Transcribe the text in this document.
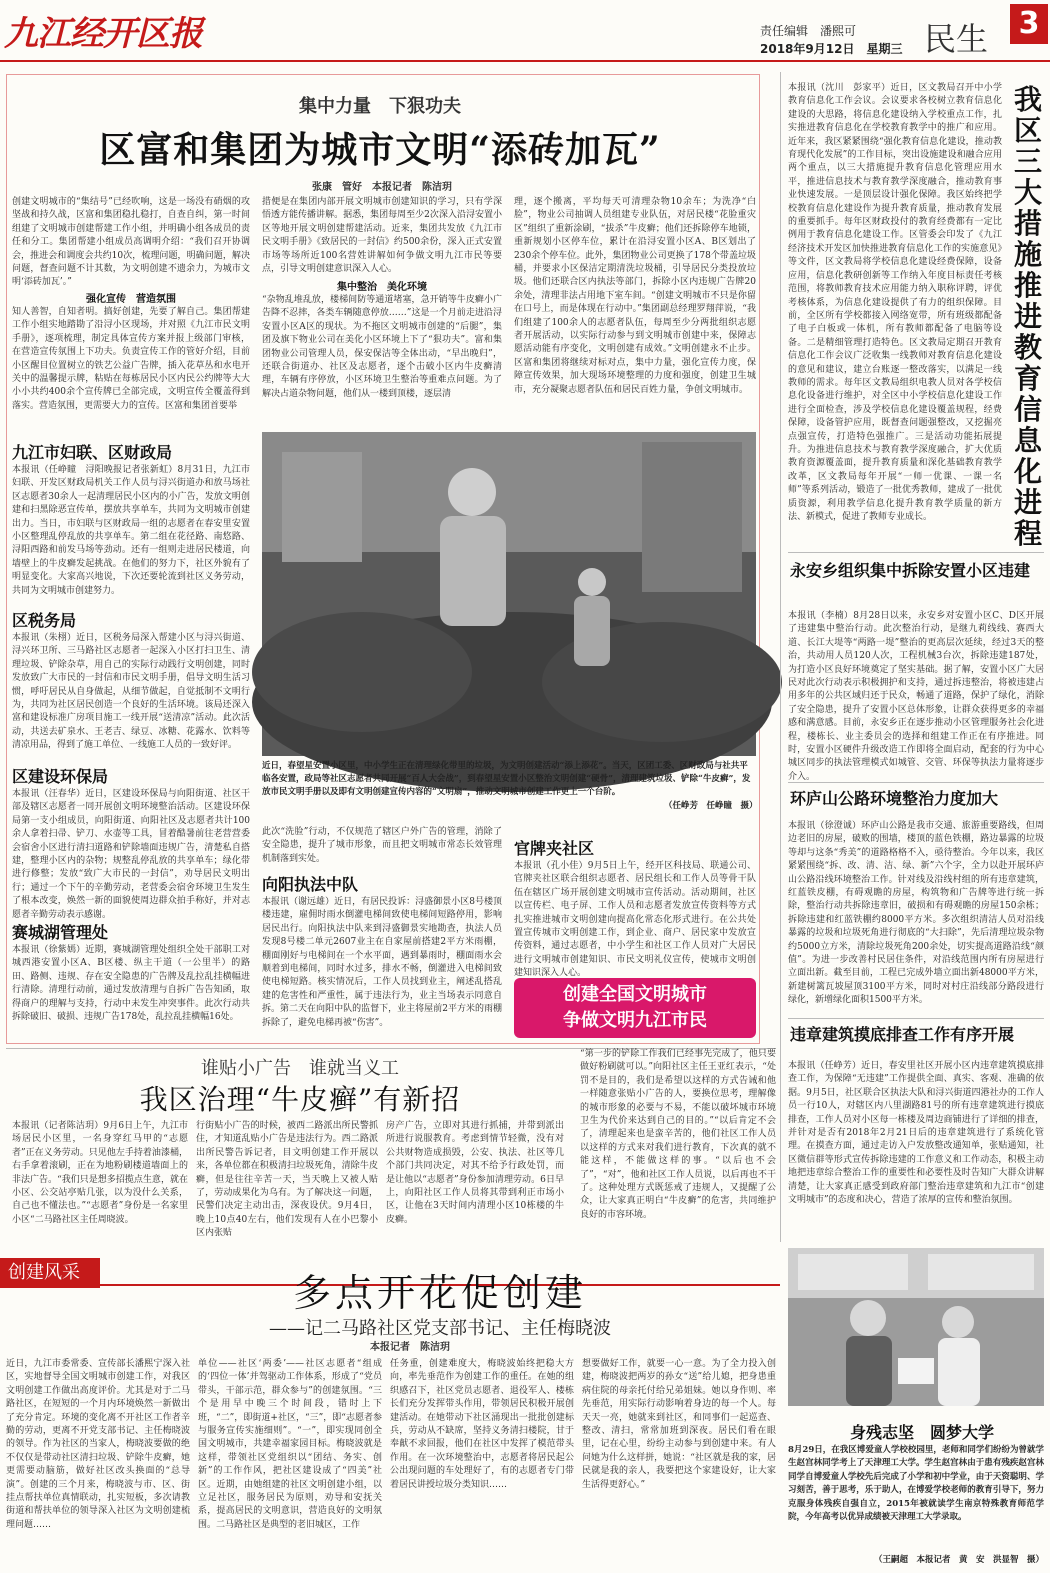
九江经开区报	责任编辑　潘熙可
2018年9月12日　星期三 民生 3
集中力量　下狠功夫
区富和集团为城市文明“添砖加瓦”
张康　管好　本报记者　陈洁玥
创建文明城市的“集结号”已经吹响，这是一场没有硝烟的攻坚战和持久战，区富和集团稳扎稳打，自查自纠，第一时间组建了文明城市创建帮建工作小组，并明确小组各成员的责任和分工。集团帮建小组成员高调明介绍：“我们召开协调会，推进会和调度会共约10次，梳理问题，明确问题，解决问题，督查问题不计其数，为文明创建不遗余力，为城市文明‘添砖加瓦’。”
强化宣传　营造氛围
知人善智，自知者明。搞好创建，先要了解自己。集团帮建工作小组实地踏勘了沿浔小区现场，并对照《九江市民文明手册》，逐项梳理，制定具体宣传方案并报上级部门审核，在营造宣传氛围上下功夫。负责宣传工作的管好介绍，目前小区醒目位置树立的铁艺公益广告牌，插入花草丛和水电开关中的温馨提示牌，粘贴在每栋居民小区内民公约牌等大大小小共约400余个宣传牌已全部完成，文明宣传全覆盖得到落实。营造氛围，更需要大力的宣传。区富和集团首要举
措便是在集团内部开展文明城市创建知识的学习，只有学深悟透方能传播讲解。据悉，集团每周至少2次深入沿浔安置小区等地开展文明创建帮建活动。近来，集团共发放《九江市民文明手册》《致居民的一封信》约500余份，深入正式安置市场等场所近100名营姓讲解如何争做文明九江市民等要点，引导文明创建意识深入人心。
集中整治　美化环境
“杂物乱堆乱放，楼梯间防等通道堵塞，急开销等牛皮癣小广告降不忍摔，各类车辆随意停放……”这是一个月前走进沿浔安置小区A区的现状。为不拖区文明城市创建的“后腿”，集团及旗下物业公司在美化小区环境上下了“狠功夫”。富和集团物业公司管理人员，保安保洁等全体出动，“早出晚归”，还联合街道办、社区及志愿者，逐个击破小区内牛皮癣清理，车辆有序停放，小区环境卫生整治等重难点问题。为了解决占道杂物问题，他们从一楼到顶楼，逐层清
理，逐个搬离，平均每天可清理杂物10余车；为洗净“白脸”，物业公司抽调人员组建专业队伍，对居民楼“花脸重灾区”组织了重新涂刷，“拔杀”牛皮癣；他们还拆除停车地锁，重新规划小区停车位，累计在沿浔安置小区A、B区划出了230余个停车位。此外，集团物业公司更换了178个带盖垃圾桶，并要求小区保洁定期清洗垃圾桶，引导居民分类投放垃圾。他们还联合区内执法等部门，拆除小区内违规广告牌20余处，清理非法占用地下室车间。“创建文明城市不只是你留在口号上，而是体现在行动中。”集团副总经理罗翔萍说，“我们组建了100余人的志愿者队伍，每周至少分两批组织志愿者开展活动，以实际行动参与到文明城市创建中来，保障志愿活动能有序变化，文明创建有成效。”文明创建永不止步。区富和集团将继续对标对点，集中力量，强化宣传力度，保障宣传效果，加大现场环境整理的力度和强度，创建卫生城市，充分凝聚志愿者队伍和居民百姓力量，争创文明城市。
近日，春望星安置小区里，中小学生正在清理绿化带里的垃圾，为文明创建活动“添上添花”。当天，区团工委、区财政局与社共平临各安置，政局等社区志愿者共同开展“百人大会战”，到春望星安置小区整治文明创建“硬骨”，清理建筑垃圾、铲除“牛皮癣”，发放市民文明手册以及即有文明创建宣传内容的“文明扇”，推动文明城市创建工作更上一个台阶。
（任峥芳　任峥瞳　摄）
九江市妇联、区财政局
本报讯（任峥瞳　浔阳晚报记者张新虹）8月31日，九江市妇联、开发区财政局机关工作人员与浔兴街道办和放马场社区志愿者30余人一起清理居民小区内的小广告，发放文明创建和扫黑除恶宣传单，摆放共享单车，共同为文明城市创建出力。当日，市妇联与区财政局一组的志愿者在春安里安置小区整理乱停乱放的共享单车。第二组在花径路、南悠路、浔阳西路和前发马场等劲动。还有一组则走进居民楼道，向墙壁上的牛皮癣发起挑战。在他们的努力下，社区外貌有了明显变化。大家高兴地说，下次还要轮流到社区义务劳动，共同为文明城市创建努力。
区税务局
本报讯（朱栩）近日，区税务局深入帮建小区与浔兴街道、浔兴环卫所、三马路社区志愿者一起深入小区打扫卫生、清理垃圾、铲除杂草，用自己的实际行动践行文明创建，同时发放致广大市民的一封信和市民文明手册，倡导文明生活习惯，呼吁居民从自身做起，从细节做起，自觉抵制不文明行为，共同为社区居民创造一个良好的生活环境。该局还深入富和建设标准广房项目施工一线开展“送清凉”活动。此次活动，共送去矿泉水、王老吉、绿豆、冰糖、花露水、饮料等清凉用品，得到了施工单位、一线施工人员的一致好评。
区建设环保局
本报讯（汪春华）近日，区建设环保局与向阳街道、社区干部及辖区志愿者一同开展创文明环境整治活动。区建设环保局第一支小组成员，向阳街道、向阳社区及志愿者共计100余人拿着扫帚、铲刀、水壶等工具，冒着酷暑前往老营营委会宿舍小区进行清扫道路和铲除墙面违规广告，清楚私自搭建，整理小区内的杂物；规整乱停乱放的共享单车；绿化带进行修整；发放“致广大市民的一封信”，劝导居民文明出行；通过一个下午的辛勤劳动，老营委会宿舍环境卫生发生了根本改变，焕然一新的面貌使周边群众拍手称好，并对志愿者辛勤劳动表示感谢。
赛城湖管理处
本报讯（徐紫嫣）近期，赛城湖管理处组织全处干部职工对城西港安置小区A、B区楼、纵主干道（一公里半）的路田、路侧、违规、存在安全隐患的广告牌及乱拉乱挂横幅进行清除。清理行动前，通过发放清理与自拆广告告知函，取得商户的理解与支持，行动中未发生冲突事件。此次行动共拆除破旧、破损、违规广告178处，乱拉乱挂横幅16处。
此次“洗脸”行动，不仅规范了辖区户外广告的管理，消除了安全隐患，提升了城市形象，而且把文明城市常态长效管理机制落到实处。
向阳执法中队
本报讯（谢远雄）近日，有居民投诉：浔盛御景小区8号楼顶楼违建，雇佣时雨水倒灌电梯间致使电梯间短路停用，影响居民出行。向阳执法中队来到浔盛御景实地勘查，执法人员发现8号楼二单元2607业主在自家屋前搭建2平方米雨棚，棚面刚好与电梯间在一个水平面，遇到暴雨时，棚面雨水会顺着到电梯间，同时水过多，排水不畅，倒灌进入电梯间致使电梯短路。核实情况后，工作人员找到业主，阐述乱搭乱建的危害性和严重性，属于违法行为，业主当场表示同意自拆。第二天在向阳中队的监督下，业主将屋前2平方米的雨棚拆除了，避免电梯再被“伤害”。
官牌夹社区
本报讯（孔小佳）9月5日上午，经开区科技局、联通公司、官牌夹社区联合组织志愿者、居民组长和工作人员等骨干队伍在辖区广场开展创建文明城市宣传活动。活动期间，社区以宣传栏、电子屏、工作人员和志愿者发放宣传资料等方式扎实推进城市文明创建向提高化常态化形式进行。在公共处置宣传城市文明创建工作，到企业、商户、居民家中发放宣传资料，通过志愿者，中小学生和社区工作人员对广大居民进行文明城市创建知识、市民文明礼仪宣传，使城市文明创建知识深入人心。
创建全国文明城市
争做文明九江市民
我区三大措施推进教育信息化进程
本报讯（沈川　彭家平）近日，区文教局召开中小学教育信息化工作会议。会议要求各校树立教育信息化建设的大思路，将信息化建设纳入学校重点工作，扎实推进教育信息化在学校教育教学中的推广和应用。近年来，我区紧紧围绕“强化教育信息化建设，推动教育现代化发展”的工作目标，突出设施建设和融合应用两个重点，以三大措施提升教育信息化管理应用水平，推进信息技术与教育教学深度融合，推动教育事业快速发展。一是顶层设计强化保障。我区始终把学校教育信息化建设作为提升教育质量，推动教育发展的重要抓手。每年区财政投付的教育经费都有一定比例用于教育信息化建设工作。区管委会印发了《九江经济技术开发区加快推进教育信息化工作的实施意见》等文件，区文教局将学校信息化建设经费保障，设备应用，信息化教研创新等工作纳入年度目标责任考核范围，将教师教育技术应用能力纳入职称评聘，评优考核体系，为信息化建设提供了有力的组织保障。目前，全区所有学校都接入网络宽带，所有班级都配备了电子白板或一体机，所有教师都配备了电脑等设备。二是精细管理打造特色。区文教局定期召开教育信息化工作会议广泛收集一线教师对教育信息化建设的意见和建议，建立台账逐一整改落实，以满足一线教师的需求。每年区文教局组织电教人员对各学校信息化设备进行维护，对全区中小学校信息化建设工作进行全面检查，涉及学校信息化建设覆盖规程，经费保障，设备管护应用，既督查问题强整改，又挖掘亮点强宣传，打造特色强推广。三是活动功能拓展提升。为推进信息技术与教育教学深度融合，扩大优质教育资源覆盖面，提升教育质量和深化基础教育教学改革，区文教局每年开展“一师一优课、一课一名师”等系列活动，锻造了一批优秀教师，建成了一批优质资源，利用教学信息化提升教育教学质量的新方法、新模式，促进了教师专业成长。
永安乡组织集中拆除安置小区违建
本报讯（李楠）8月28日以来，永安乡对安置小区C、D区开展了违建集中整治行动。此次整治行动，是继九莉线线、赛西大道、长江大堤等“两路一堤”整治的更高层次延续，经过3天的整治，共动用人员120人次，工程机械3台次，拆除违建187处，为打造小区良好环境奠定了坚实基础。据了解，安置小区广大居民对此次行动表示积极拥护和支持，通过拆违整治，将被违建占用多年的公共区域归还于民众，畅通了道路，保护了绿化，消除了安全隐患，提升了安置小区总体形象，让群众获得更多的幸福感和满意感。目前，永安乡正在逐步推动小区管理服务社会化进程，楼栋长、业主委员会的选择和组建工作正在有序推进。同时，安置小区硬件升级改造工作即将全面启动，配套的行为中心城区同步的执法管理模式如城管、交管、环保等执法力量将逐步介入。
环庐山公路环境整治力度加大
本报讯（徐澄诚）环庐山公路是我市交通、旅游重要路线，但周边老旧的房屋，破败的围墙，楼顶的蓝色铁棚，路边暴露的垃圾等却与这条“秀美”的道路格格不入，亟待整治。今年以来，我区紧紧围绕“拆、改、清、洁、绿、新”六个字，全力以赴开展环庐山公路沿线环境整治工作。针对线及沿线村组的所有违章建筑，红蓝铁皮棚，有碍观瞻的房屋，构筑物和广告牌等进行统一拆除，整治行动共拆除违章旧，破损和有碍观瞻的房屋150余栋；拆除违建和红蓝铁棚约8000平方米。多次组织清洁人员对沿线暴露的垃圾和垃圾死角进行彻底的“大扫除”，先后清理垃圾杂物约5000立方米，清除垃圾死角200余处，切实提高道路沿线“颜值”。为进一步改善村民居住条件，对沿线范围内所有房屋进行立面出新。截至目前，工程已完成外墙立面出新48000平方米，新建树篱瓦坡屋顶3100平方米，同时对村庄沿线部分路段进行绿化，新增绿化面积1500平方米。
违章建筑摸底排查工作有序开展
本报讯（任峥芳）近日，春安里社区开展小区内违章建筑摸底排查工作，为保障“无违建”工作提供全面、真实、客观、准确的依据。9月5日，社区联合区执法大队和浔兴街道四港社办的工作人员一行10人，对辖区内八里湖路81号的所有违章建筑进行摸底排查，工作人员对小区每一栋楼及周边商铺进行了详细的排查，并针对是否有2018年2月21日后的违章建筑进行了系统化管理。在摸查方面，通过走访入户发放整改通知单，张贴通知，社区微信群等形式宣传拆除违建的工作意义和工作动态，积极主动地把违章综合整治工作的重要性和必要性及时告知广大群众讲解清楚，让大家真正感受到政府部门整治违章建筑和九江市“创建文明城市”的态度和决心，营造了浓厚的宣传和整治氛围。
身残志坚　圆梦大学
8月29日，在我区博爱童人学校校园里，老师和同学们纷纷为曾就学生赵宫林同学考上了天津理工大学。学生赵宫林由于患有残疾赵宫林同学自博爱童人学校先后完成了小学和初中学业，由于天资聪明、学习刻苦，善于思考，乐于助人，在博爱学校老师的教育引导下，努力克服身体残疾自强自立，2015年被就读学生南京特殊教育师范学院，今年高考以优异成绩被天津理工大学录取。
（王嗣超　本报记者　黄　安　洪显智　摄）
谁贴小广告　谁就当义工
我区治理“牛皮癣”有新招
本报讯（记者陈洁玥）9月6日上午，九江市场居民小区里，一名身穿红马甲的“志愿者”正在义务劳动。只见他左手持着油漆桶，右手拿着滚刷，正在为地粉刷楼道墙面上的非法广告。“我们只是想多招揽点生意，就在小区、公交站亭贴几张，以为没什么关系，自己也不懂法也。”“志愿者”身份是一名家里小区“二马路社区主任周晓波。
行街贴小广告的时候，被西二路派出所民警抓住，才知道乱贴小广告是违法行为。西二路派出所民警告诉记者，目文明创建工作开展以来，各单位都在积极清扫垃圾死角，清除牛皮癣，但是往往辛苦一天，当天晚上又被人贴了，劳动成果化为乌有。为了解决这一问题，民警们决定主动出击，深夜设伏。9月4日，晚上10点40左右，他们发现有人在小巴黎小区内张贴
房产广告，立即对其进行抓捕，并带到派出所进行说服教育。考虑到情节轻微，没有对公共财物造成损毁，公安、执法、社区等几个部门共同决定，对其不给予行政处罚，而是让他以“志愿者”身份参加清理劳动。6日早上，向阳社区工作人员将其带到利正市场小区，让他在3天时间内清理小区10栋楼的牛皮癣。
“第一步的铲除工作我们已经事先完成了，他只要做好粉刷就可以。”向阳社区主任王亚红表示，“处罚不是目的，我们是希望以这样的方式告诫和他一样随意张贴小广告的人，要换位思考，理解像的城市形象的必要与不易，不能以破坏城市环境卫生为代价来达到自己的目的。”“以后肯定不会了，清理起来也是蛮辛苦的，他们社区工作人员以这样的方式来对我们进行教育，下次真的就不能这样，不能做这样的事。“以后也不会了”，“对”，他和社区工作人员说，以后再也不干了。这种处理方式既惩戒了违规人，又提醒了公众，让大家真正明白“牛皮癣”的危害，共同维护良好的市容环境。
创建风采	多点开花促创建
——记二马路社区党支部书记、主任梅晓波
本报记者　陈洁玥
近日，九江市委常委、宣传部长潘熙宁深入社区，实地督导全国文明城市创建工作，对我区文明创建工作做出高度评价。尤其是对于二马路社区，在短短的一个月内环境焕然一新做出了充分肯定。环境的变化离不开社区工作者辛勤的劳动，更离不开党支部书记、主任梅晓波的领导。作为社区的当家人，梅晓波要做的绝不仅仅是带动社区清扫垃圾、铲除牛皮癣，她更需要动脑筋，做好社区改头换面的“总导演”。创建的三个月来，梅晓波与市、区、街挂点帮扶单位真情联动，扎实短板，多次请教街道和帮扶单位的领导深入社区为文明创建梳理问题……
单位——社区‘两委’——社区志愿者“组成的‘四位一体’并驾驱动工作体系，形成了“党员带头，干部示范，群众参与”的创建氛围。“三个是用早中晚三个时间段，错时上下班，“二”，即街道+社区，“三”，即“志愿者参与服务宣传实施细则”。“一”，即实现同创全国文明城市，共建幸福家园目标。梅晓波就是这样，带领社区党组织以“团结、务实、创新”的工作作风，把社区建设成了“四美”社区。近期，由她组建的社区文明创建小组，以立足社区，服务居民为原则，劝导和安抚关系，提高居民的文明意识，营造良好的文明氛围。二马路社区是典型的老旧城区，工作
任务重，创建难度大，梅晓波始终把稳大方向，率先垂范作为创建工作的重任。在她的组织感召下，社区党员志愿者、退役军人、楼栋长们充分发挥带头作用，带领居民积极开展创建活动。在她带动下社区涌现出一批批创建标兵，劳动从不缺席，坚持义务清扫楼院，甘于奉献不求回报，他们在社区中发挥了模范带头作用。在一次环境整治中，志愿者将居民起公公出现问题的车处理好了，有的志愿者专门带着居民讲授垃圾分类知识……
想要做好工作，就要一心一意。为了全力投入创建，梅晓波把两岁的孙女“送”给儿媳，把身患重病住院的母亲托付给兄弟姐妹。她以身作则、率先垂范，用实际行动影响着身边的每一个人。每天天一亮，她就来到社区，和同事们一起巡查、整改、清扫，常常加班到深夜。居民们看在眼里，记在心里，纷纷主动参与到创建中来。有人问她为什么这样拼，她说：“社区就是我的家，居民就是我的亲人，我要把这个家建设好，让大家生活得更舒心。”
